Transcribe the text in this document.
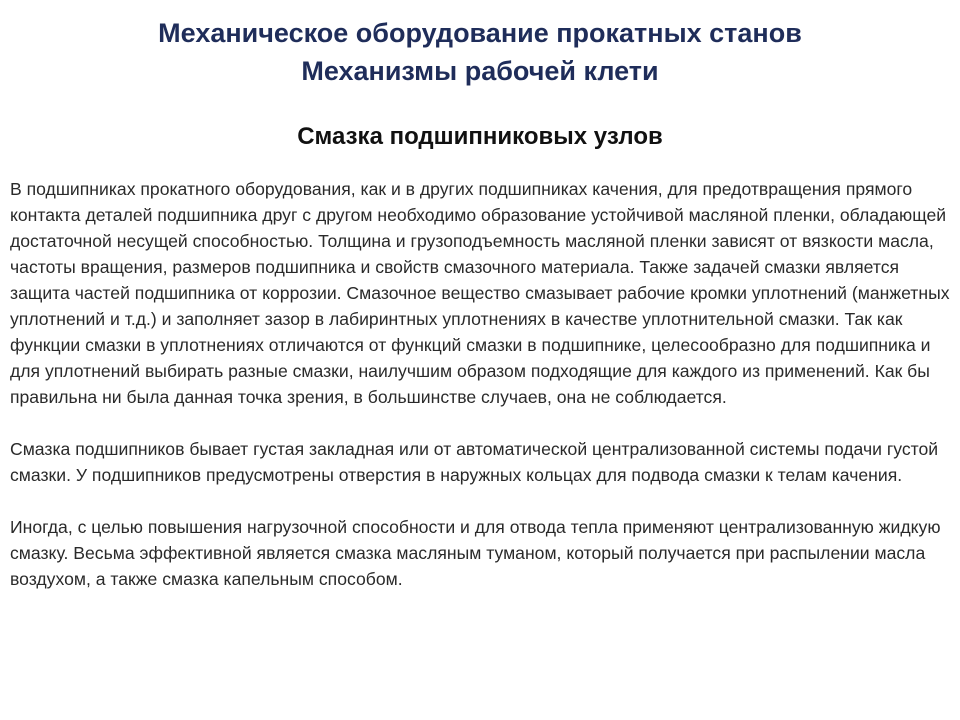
Механическое оборудование прокатных станов
Механизмы рабочей клети
Смазка подшипниковых узлов

В подшипниках прокатного оборудования, как и в других подшипниках качения, для предотвращения прямого контакта деталей подшипника друг с другом необходимо образование устойчивой масляной пленки, обладающей достаточной несущей способностью. Толщина и грузоподъемность масляной пленки зависят от вязкости масла, частоты вращения, размеров подшипника и свойств смазочного материала. Также задачей смазки является защита частей подшипника от коррозии. Смазочное вещество смазывает рабочие кромки уплотнений (манжетных уплотнений и т.д.) и заполняет зазор в лабиринтных уплотнениях в качестве уплотнительной смазки. Так как функции смазки в уплотнениях отличаются от функций смазки в подшипнике, целесообразно для подшипника и для уплотнений выбирать разные смазки, наилучшим образом подходящие для каждого из применений. Как бы правильна ни была данная точка зрения, в большинстве случаев, она не соблюдается.

Смазка подшипников бывает густая закладная или от автоматической централизованной системы подачи густой смазки. У подшипников предусмотрены отверстия в наружных кольцах для подвода смазки к телам качения.

Иногда, с целью повышения нагрузочной способности и для отвода тепла применяют централизованную жидкую смазку. Весьма эффективной является смазка масляным туманом, который получается при распылении масла воздухом, а также смазка капельным способом.
